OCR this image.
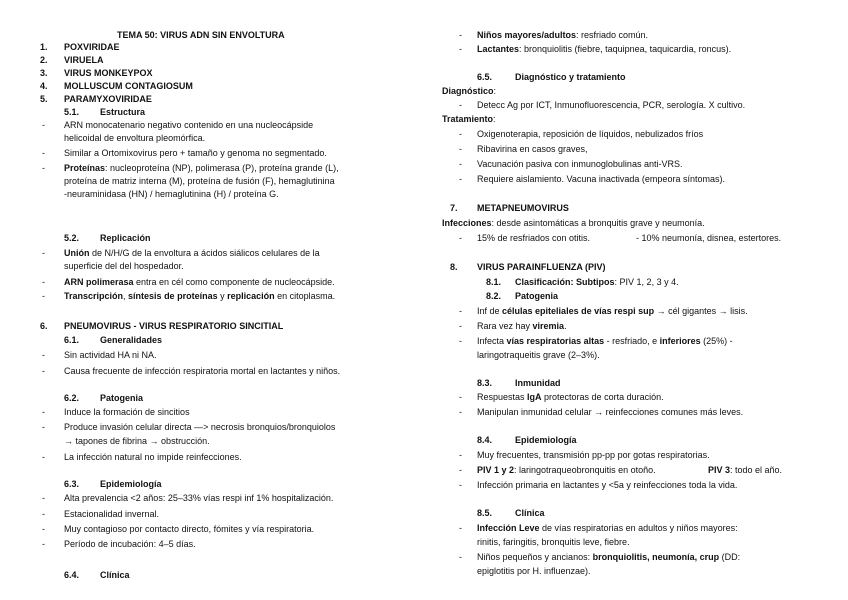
TEMA 50: VIRUS ADN SIN ENVOLTURA
1. POXVIRIDAE
2. VIRUELA
3. VIRUS MONKEYPOX
4. MOLLUSCUM CONTAGIOSUM
5. PARAMYXOVIRIDAE
5.1. Estructura
- ARN monocatenario negativo contenido en una nucleocápside
helicoidal de envoltura pleomórfica.
- Similar a Ortomixovirus pero + tamaño y genoma no segmentado.
- Proteínas: nucleoproteína (NP), polimerasa (P), proteína grande (L),
proteína de matriz interna (M), proteína de fusión (F), hemaglutinina
-neuraminidasa (HN) / hemaglutinina (H) / proteína G.
5.2. Replicación
- Unión de N/H/G de la envoltura a ácidos siálicos celulares de la
superficie del del hospedador.
- ARN polimerasa entra en cél como componente de nucleocápside.
- Transcripción, síntesis de proteínas y replicación en citoplasma.
6. PNEUMOVIRUS - VIRUS RESPIRATORIO SINCITIAL
6.1. Generalidades
- Sin actividad HA ni NA.
- Causa frecuente de infección respiratoria mortal en lactantes y niños.
6.2. Patogenia
- Induce la formación de sincitios
- Produce invasión celular directa —> necrosis bronquios/bronquiolos
→ tapones de fibrina → obstrucción.
- La infección natural no impide reinfecciones.
6.3. Epidemiología
- Alta prevalencia <2 años: 25–33% vías respi inf 1% hospitalización.
- Estacionalidad invernal.
- Muy contagioso por contacto directo, fómites y vía respiratoria.
- Período de incubación: 4–5 días.
6.4. Clínica
- Niños mayores/adultos: resfriado común.
- Lactantes: bronquiolitis (fiebre, taquipnea, taquicardia, roncus).
6.5.	Diagnóstico y tratamiento
Diagnóstico:
- Detecc Ag por ICT, Inmunofluorescencia, PCR, serología. X cultivo.
Tratamiento:
- Oxigenoterapia, reposición de líquidos, nebulizados fríos
- Ribavirina en casos graves,
- Vacunación pasiva con inmunoglobulinas anti-VRS.
- Requiere aislamiento. Vacuna inactivada (empeora síntomas).
7. METAPNEUMOVIRUS
Infecciones: desde asintomáticas a bronquitis grave y neumonía.
- 15% de resfriados con otitis.	- 10% neumonía, disnea, estertores.
8. VIRUS PARAINFLUENZA (PIV)
8.1. Clasificación: Subtipos: PIV 1, 2, 3 y 4.
8.2. Patogenia
- Inf de células epiteliales de vías respi sup → cél gigantes → lisis.
- Rara vez hay viremia.
- Infecta vías respiratorias altas - resfriado, e inferiores (25%) -
laringotraqueitis grave (2–3%).
8.3.	Inmunidad
- Respuestas IgA protectoras de corta duración.
- Manipulan inmunidad celular → reinfecciones comunes más leves.
8.4.	Epidemiología
- Muy frecuentes, transmisión pp-pp por gotas respiratorias.
- PIV 1 y 2: laringotraqueobronquitis en otoño.	PIV 3: todo el año.
- Infección primaria en lactantes y <5a y reinfecciones toda la vida.
8.5.	Clínica
- Infección Leve de vías respiratorias en adultos y niños mayores:
rinitis, faringitis, bronquitis leve, fiebre.
- Niños pequeños y ancianos: bronquiolitis, neumonía, crup (DD:
epiglotitis por H. influenzae).
